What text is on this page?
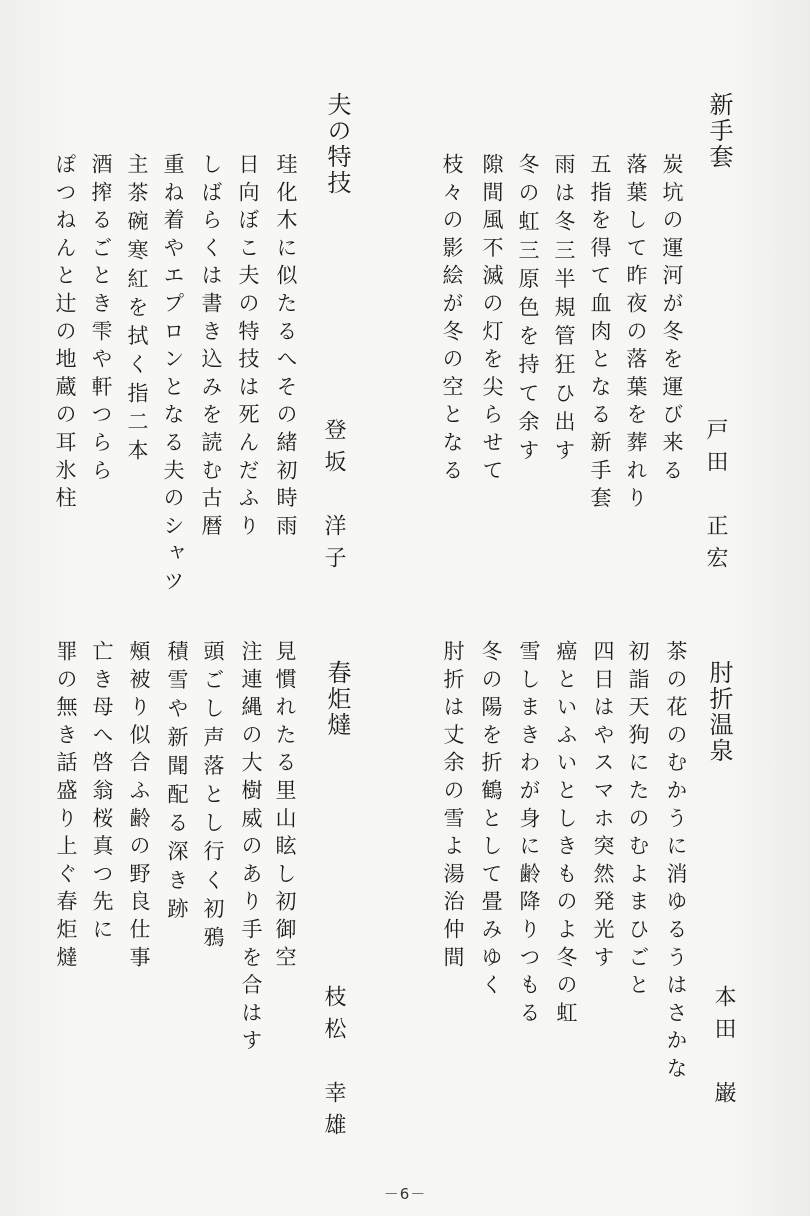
新手套
戸田　正宏
炭坑の運河が冬を運び来る
落葉して昨夜の落葉を葬れり
五指を得て血肉となる新手套
雨は冬三半規管狂ひ出す
冬の虹三原色を持て余す
隙間風不滅の灯を尖らせて
枝々の影絵が冬の空となる
夫の特技
登坂　洋子
珪化木に似たるへその緒初時雨
日向ぼこ夫の特技は死んだふり
しばらくは書き込みを読む古暦
重ね着やエプロンとなる夫のシャツ
主茶碗寒紅を拭く指二本
酒搾るごとき雫や軒つらら
ぽつねんと辻の地蔵の耳氷柱
肘折温泉
本田　巌
茶の花のむかうに消ゆるうはさかな
初詣天狗にたのむよまひごと
四日はやスマホ突然発光す
癌といふいとしきものよ冬の虹
雪しまきわが身に齢降りつもる
冬の陽を折鶴として畳みゆく
肘折は丈余の雪よ湯治仲間
春炬燵
枝松　幸雄
見慣れたる里山眩し初御空
注連縄の大樹威のあり手を合はす
頭ごし声落とし行く初鴉
積雪や新聞配る深き跡
頰被り似合ふ齢の野良仕事
亡き母へ啓翁桜真つ先に
罪の無き話盛り上ぐ春炬燵
－6－
